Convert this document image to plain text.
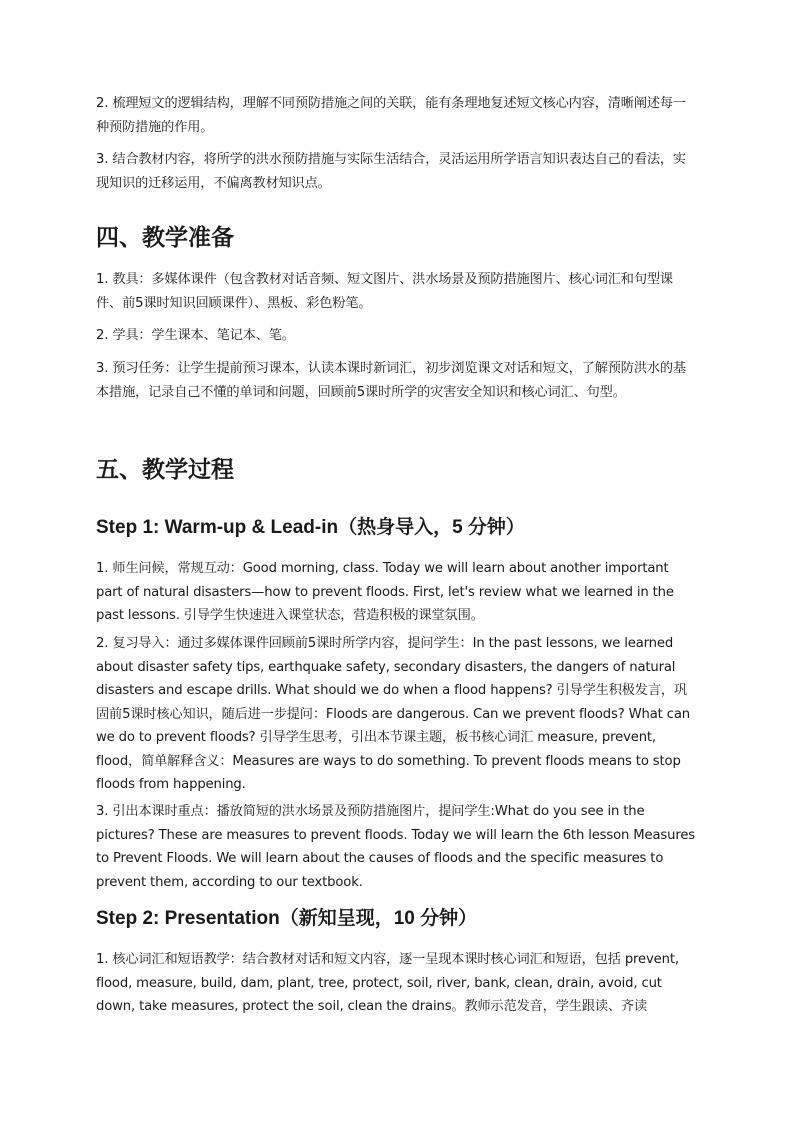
2. 梳理短文的逻辑结构，理解不同预防措施之间的关联，能有条理地复述短文核心内容，清晰阐述每一种预防措施的作用。

3. 结合教材内容，将所学的洪水预防措施与实际生活结合，灵活运用所学语言知识表达自己的看法，实现知识的迁移运用，不偏离教材知识点。

四、教学准备

1. 教具：多媒体课件（包含教材对话音频、短文图片、洪水场景及预防措施图片、核心词汇和句型课件、前5课时知识回顾课件）、黑板、彩色粉笔。

2. 学具：学生课本、笔记本、笔。

3. 预习任务：让学生提前预习课本，认读本课时新词汇，初步浏览课文对话和短文，了解预防洪水的基本措施，记录自己不懂的单词和问题，回顾前5课时所学的灾害安全知识和核心词汇、句型。

五、教学过程
Step 1: Warm-up & Lead-in（热身导入，5 分钟）

1. 师生问候，常规互动：Good morning, class. Today we will learn about another important part of natural disasters—how to prevent floods. First, let's review what we learned in the past lessons. 引导学生快速进入课堂状态，营造积极的课堂氛围。

2. 复习导入：通过多媒体课件回顾前5课时所学内容，提问学生：In the past lessons, we learned about disaster safety tips, earthquake safety, secondary disasters, the dangers of natural disasters and escape drills. What should we do when a flood happens? 引导学生积极发言，巩固前5课时核心知识，随后进一步提问：Floods are dangerous. Can we prevent floods? What can we do to prevent floods? 引导学生思考，引出本节课主题，板书核心词汇 measure, prevent, flood，简单解释含义：Measures are ways to do something. To prevent floods means to stop floods from happening.

3. 引出本课时重点：播放简短的洪水场景及预防措施图片，提问学生:What do you see in the pictures? These are measures to prevent floods. Today we will learn the 6th lesson Measures to Prevent Floods. We will learn about the causes of floods and the specific measures to prevent them, according to our textbook.

Step 2: Presentation（新知呈现，10 分钟）

1. 核心词汇和短语教学：结合教材对话和短文内容，逐一呈现本课时核心词汇和短语，包括 prevent, flood, measure, build, dam, plant, tree, protect, soil, river, bank, clean, drain, avoid, cut down, take measures, protect the soil, clean the drains。教师示范发音，学生跟读、齐读
